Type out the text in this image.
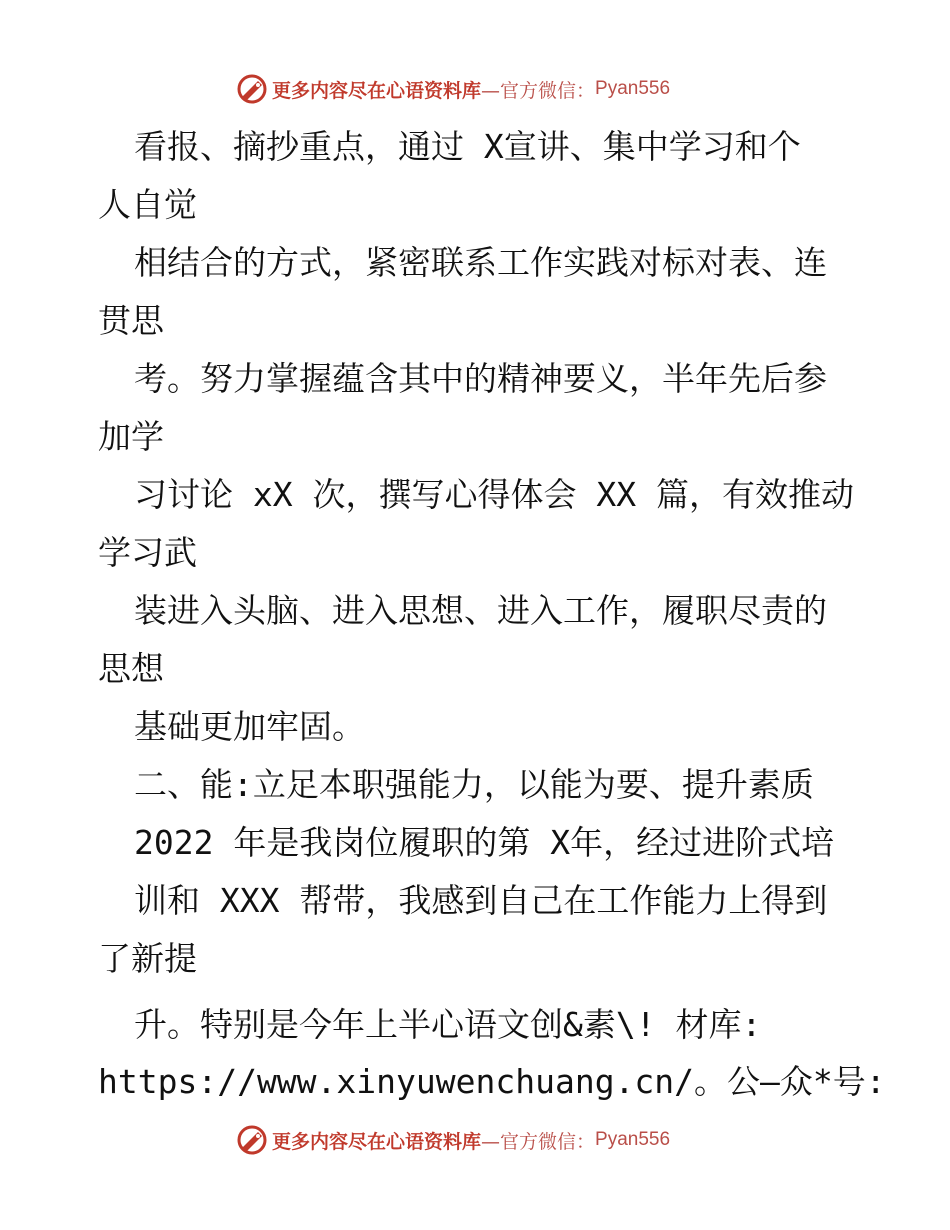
更多内容尽在心语资料库 —官方微信： Pyan556
看报、摘抄重点，通过 X宣讲、集中学习和个
人自觉
相结合的方式，紧密联系工作实践对标对表、连
贯思
考。努力掌握蕴含其中的精神要义，半年先后参
加学
习讨论 xX 次，撰写心得体会 XX 篇，有效推动
学习武
装进入头脑、进入思想、进入工作，履职尽责的
思想
基础更加牢固。
二、能:立足本职强能力，以能为要、提升素质
2022 年是我岗位履职的第 X年，经过进阶式培
训和 XXX 帮带，我感到自己在工作能力上得到
了新提
升。特别是今年上半心语文创&素\! 材库:
https://www.xinyuwenchuang.cn/。公—众*号:
更多内容尽在心语资料库 —官方微信： Pyan556
